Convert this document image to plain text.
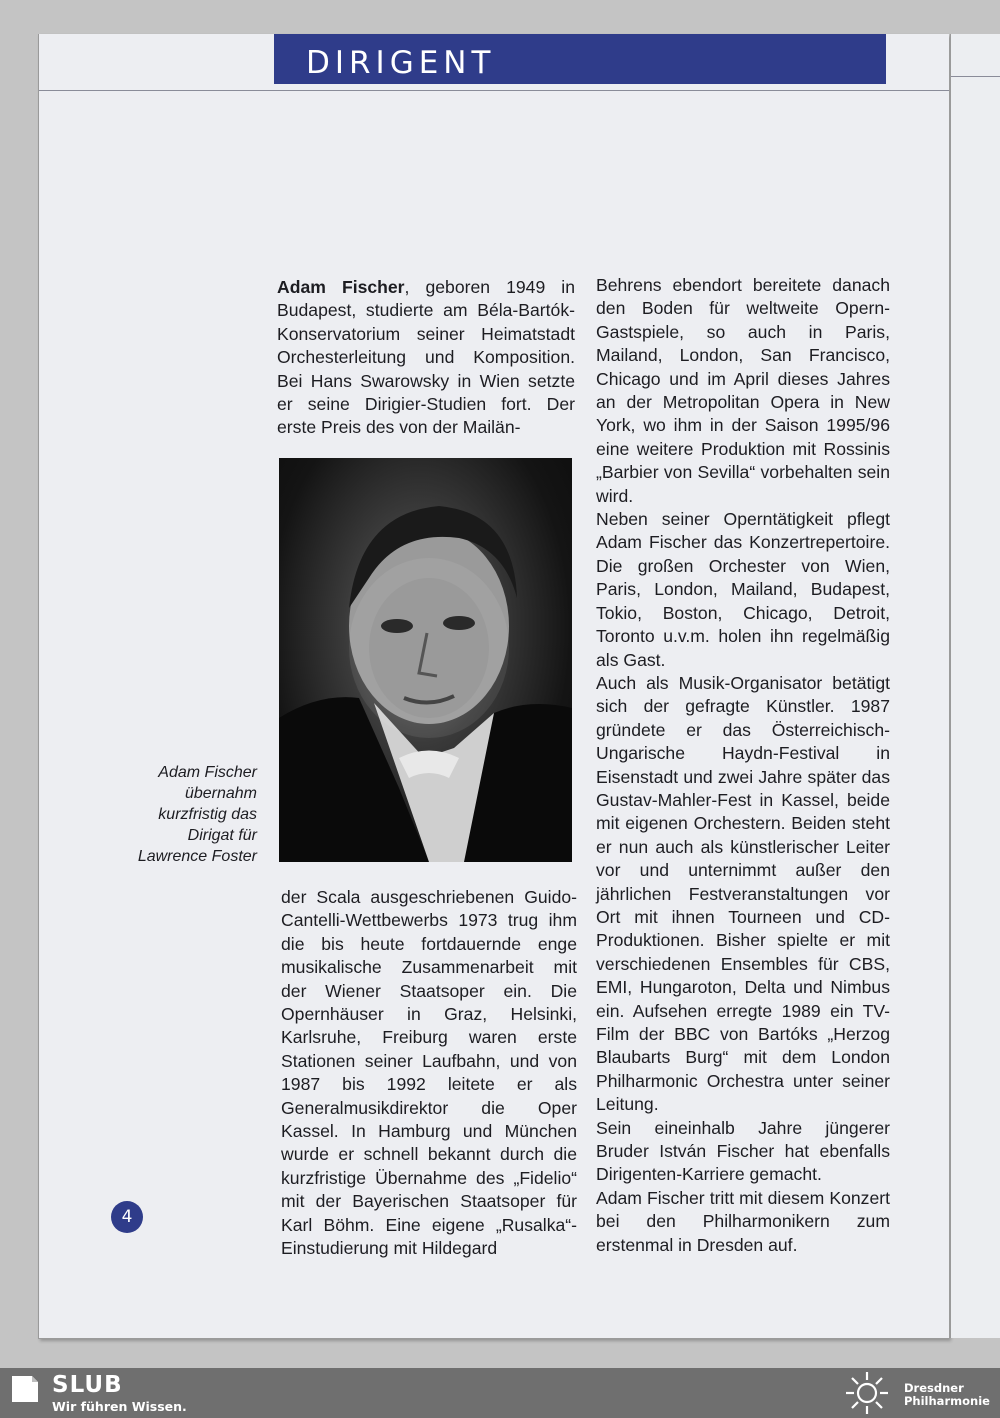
DIRIGENT

Adam Fischer, geboren 1949 in Budapest, studierte am Béla-Bartók-Konservatorium seiner Heimatstadt Orchesterleitung und Komposition. Bei Hans Swarowsky in Wien setzte er seine Dirigier-Studien fort. Der erste Preis des von der Mailän-

Adam Fischer übernahm kurzfristig das Dirigat für Lawrence Foster

der Scala ausgeschriebenen Guido-Cantelli-Wettbewerbs 1973 trug ihm die bis heute fortdauernde enge musikalische Zusammenarbeit mit der Wiener Staatsoper ein. Die Opernhäuser in Graz, Helsinki, Karlsruhe, Freiburg waren erste Stationen seiner Laufbahn, und von 1987 bis 1992 leitete er als Generalmusikdirektor die Oper Kassel. In Hamburg und München wurde er schnell bekannt durch die kurzfristige Übernahme des „Fidelio“ mit der Bayerischen Staatsoper für Karl Böhm. Eine eigene „Rusalka“-Einstudierung mit Hildegard

Behrens ebendort bereitete danach den Boden für weltweite Opern-Gastspiele, so auch in Paris, Mailand, London, San Francisco, Chicago und im April dieses Jahres an der Metropolitan Opera in New York, wo ihm in der Saison 1995/96 eine weitere Produktion mit Rossinis „Barbier von Sevilla“ vorbehalten sein wird.

Neben seiner Operntätigkeit pflegt Adam Fischer das Konzertrepertoire. Die großen Orchester von Wien, Paris, London, Mailand, Budapest, Tokio, Boston, Chicago, Detroit, Toronto u.v.m. holen ihn regelmäßig als Gast.

Auch als Musik-Organisator betätigt sich der gefragte Künstler. 1987 gründete er das Österreichisch-Ungarische Haydn-Festival in Eisenstadt und zwei Jahre später das Gustav-Mahler-Fest in Kassel, beide mit eigenen Orchestern. Beiden steht er nun auch als künstlerischer Leiter vor und unternimmt außer den jährlichen Festveranstaltungen vor Ort mit ihnen Tourneen und CD-Produktionen. Bisher spielte er mit verschiedenen Ensembles für CBS, EMI, Hungaroton, Delta und Nimbus ein. Aufsehen erregte 1989 ein TV-Film der BBC von Bartóks „Herzog Blaubarts Burg“ mit dem London Philharmonic Orchestra unter seiner Leitung.

Sein eineinhalb Jahre jüngerer Bruder István Fischer hat ebenfalls Dirigenten-Karriere gemacht.

Adam Fischer tritt mit diesem Konzert bei den Philharmonikern zum erstenmal in Dresden auf.

4
SLUB
Wir führen Wissen.
Dresdner
Philharmonie
